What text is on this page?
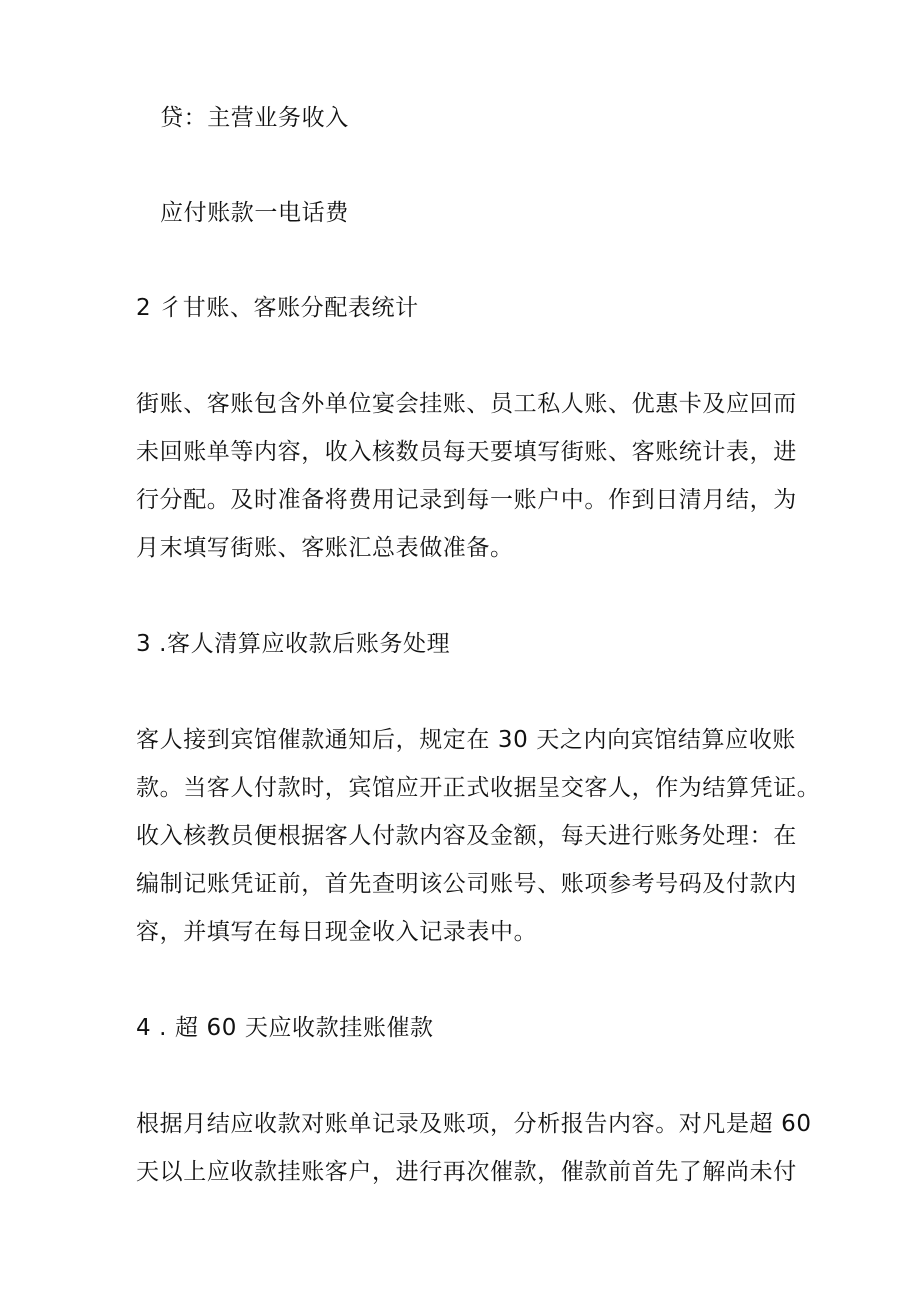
贷：主营业务收入
应付账款一电话费
2 彳甘账、客账分配表统计
街账、客账包含外单位宴会挂账、员工私人账、优惠卡及应回而
未回账单等内容，收入核数员每天要填写街账、客账统计表，进
行分配。及时准备将费用记录到每一账户中。作到日清月结，为
月末填写街账、客账汇总表做准备。
3 .客人清算应收款后账务处理
客人接到宾馆催款通知后，规定在 30 天之内向宾馆结算应收账
款。当客人付款时，宾馆应开正式收据呈交客人，作为结算凭证。
收入核教员便根据客人付款内容及金额，每天进行账务处理：在
编制记账凭证前，首先查明该公司账号、账项参考号码及付款内
容，并填写在每日现金收入记录表中。
4 . 超 60 天应收款挂账催款
根据月结应收款对账单记录及账项，分析报告内容。对凡是超 60
天以上应收款挂账客户，进行再次催款，催款前首先了解尚未付
